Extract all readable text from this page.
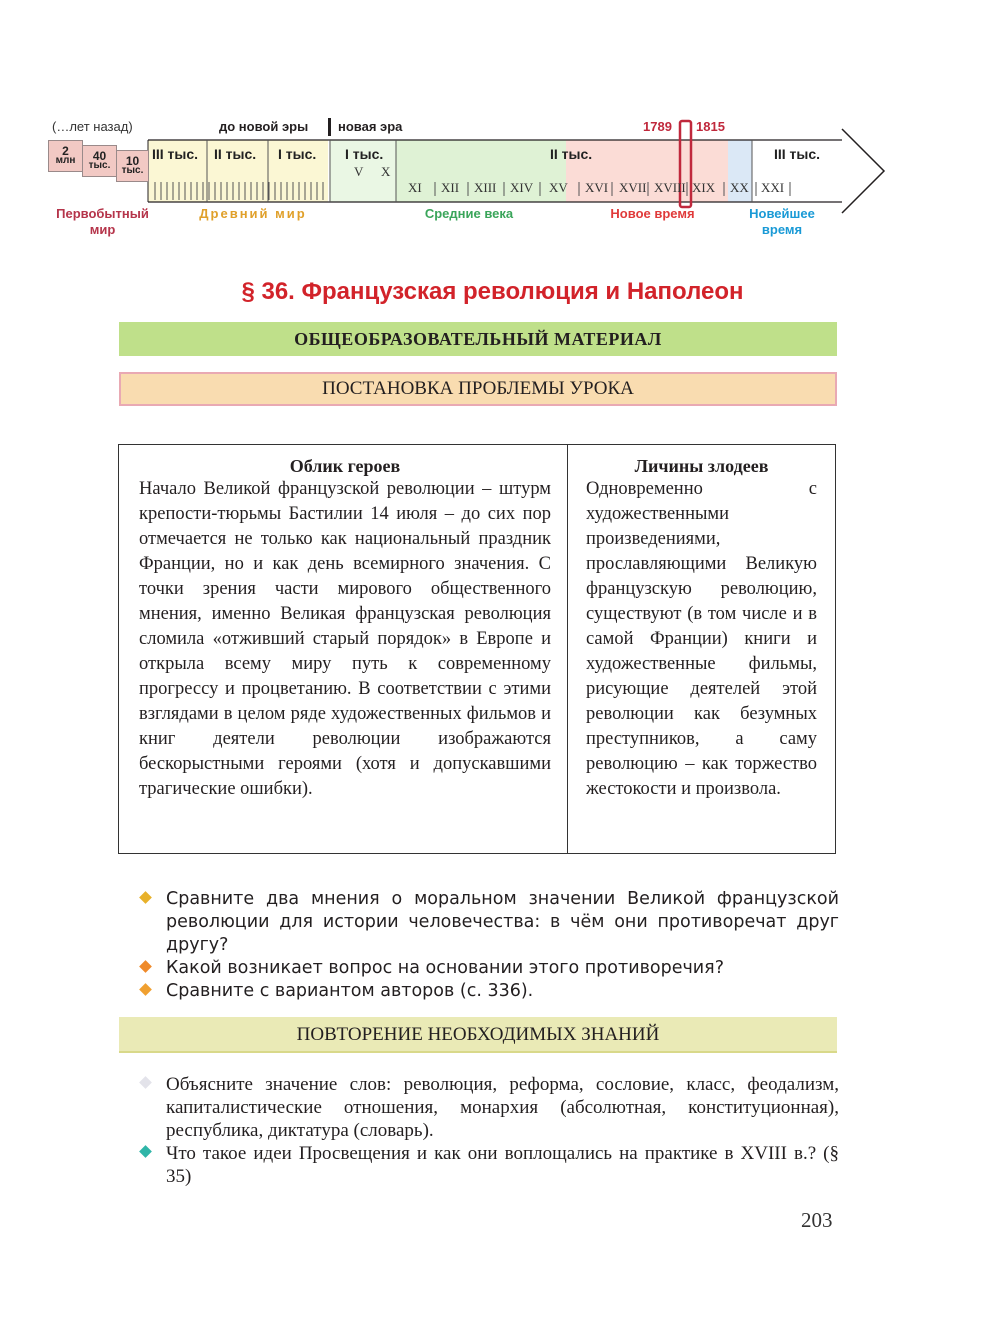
(…лет назад)	до новой эры новая эра	1789 1815
2
млн	40
тыс.	10
тыс.
III тыс. II тыс. I тыс. I тыс.	II тыс.	III тыс.
V X
XI XII XIII XIV XV XVI XVII XVIII XIX XX XXI
Первобытный мир
Древний мир	Средние века	Новое время	Новейшее время
§ 36. Французская революция и Наполеон
ОБЩЕОБРАЗОВАТЕЛЬНЫЙ МАТЕРИАЛ
ПОСТАНОВКА ПРОБЛЕМЫ УРОКА
Облик героев

Начало Великой французской революции – штурм крепости-тюрьмы Бастилии 14 июля – до сих пор отмечается не только как национальный праздник Франции, но и как день всемирного значения. С точки зрения части мирового общественного мнения, именно Великая французская революция сломила «отживший старый порядок» в Европе и открыла всему миру путь к современному прогрессу и процветанию. В соответствии с этими взглядами в целом ряде художественных фильмов и книг деятели революции изображаются бескорыстными героями (хотя и допускавшими трагические ошибки).

Личины злодеев

Одновременно с художественными произведениями, прославляющими Великую французскую революцию, существуют (в том числе и в самой Франции) книги и художественные фильмы, рисующие деятелей этой революции как безумных преступников, а саму революцию – как торжество жестокости и произвола.

Сравните два мнения о моральном значении Великой французской революции для истории человечества: в чём они противоречат друг другу?
Какой возникает вопрос на основании этого противоречия?
Сравните с вариантом авторов (с. 336).
ПОВТОРЕНИЕ НЕОБХОДИМЫХ ЗНАНИЙ
Объясните значение слов: революция, реформа, сословие, класс, феодализм, капиталистические отношения, монархия (абсолютная, конституционная), республика, диктатура (словарь).
Что такое идеи Просвещения и как они воплощались на практике в XVIII в.? (§ 35)
203
